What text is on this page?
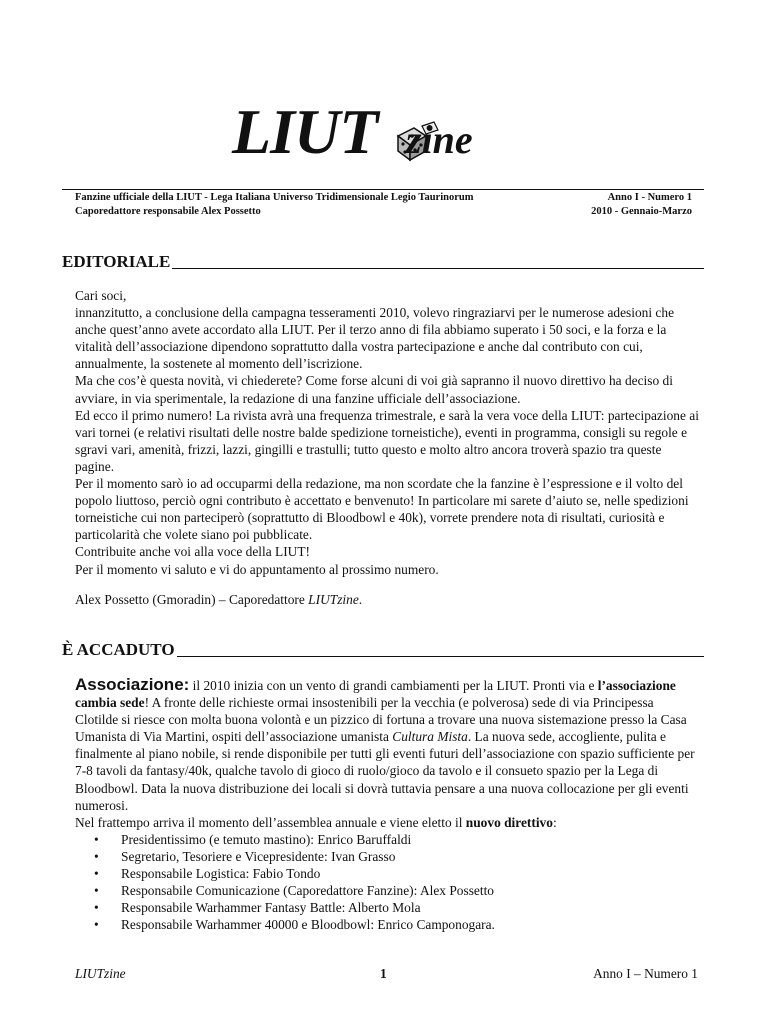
LIUT zine
Fanzine ufficiale della LIUT - Lega Italiana Universo Tridimensionale Legio Taurinorum
Caporedattore responsabile Alex Possetto
Anno I - Numero 1
2010 - Gennaio-Marzo
EDITORIALE

Cari soci,

innanzitutto, a conclusione della campagna tesseramenti 2010, volevo ringraziarvi per le numerose adesioni che anche quest’anno avete accordato alla LIUT. Per il terzo anno di fila abbiamo superato i 50 soci, e la forza e la vitalità dell’associazione dipendono soprattutto dalla vostra partecipazione e anche dal contributo con cui, annualmente, la sostenete al momento dell’iscrizione.

Ma che cos’è questa novità, vi chiederete? Come forse alcuni di voi già sapranno il nuovo direttivo ha deciso di avviare, in via sperimentale, la redazione di una fanzine ufficiale dell’associazione.

Ed ecco il primo numero! La rivista avrà una frequenza trimestrale, e sarà la vera voce della LIUT: partecipazione ai vari tornei (e relativi risultati delle nostre balde spedizione torneistiche), eventi in programma, consigli su regole e sgravi vari, amenità, frizzi, lazzi, gingilli e trastulli; tutto questo e molto altro ancora troverà spazio tra queste pagine.

Per il momento sarò io ad occuparmi della redazione, ma non scordate che la fanzine è l’espressione e il volto del popolo liuttoso, perciò ogni contributo è accettato e benvenuto! In particolare mi sarete d’aiuto se, nelle spedizioni torneistiche cui non parteciperò (soprattutto di Bloodbowl e 40k), vorrete prendere nota di risultati, curiosità e particolarità che volete siano poi pubblicate.

Contribuite anche voi alla voce della LIUT!

Per il momento vi saluto e vi do appuntamento al prossimo numero.

Alex Possetto (Gmoradin) – Caporedattore LIUTzine.

È ACCADUTO

Associazione: il 2010 inizia con un vento di grandi cambiamenti per la LIUT. Pronti via e l’associazione cambia sede! A fronte delle richieste ormai insostenibili per la vecchia (e polverosa) sede di via Principessa Clotilde si riesce con molta buona volontà e un pizzico di fortuna a trovare una nuova sistemazione presso la Casa Umanista di Via Martini, ospiti dell’associazione umanista Cultura Mista. La nuova sede, accogliente, pulita e finalmente al piano nobile, si rende disponibile per tutti gli eventi futuri dell’associazione con spazio sufficiente per 7-8 tavoli da fantasy/40k, qualche tavolo di gioco di ruolo/gioco da tavolo e il consueto spazio per la Lega di Bloodbowl. Data la nuova distribuzione dei locali si dovrà tuttavia pensare a una nuova collocazione per gli eventi numerosi.

Nel frattempo arriva il momento dell’assemblea annuale e viene eletto il nuovo direttivo:

• Presidentissimo (e temuto mastino): Enrico Baruffaldi
• Segretario, Tesoriere e Vicepresidente: Ivan Grasso
• Responsabile Logistica: Fabio Tondo
• Responsabile Comunicazione (Caporedattore Fanzine): Alex Possetto
• Responsabile Warhammer Fantasy Battle: Alberto Mola
• Responsabile Warhammer 40000 e Bloodbowl: Enrico Camponogara.
LIUTzine	1	Anno I – Numero 1
